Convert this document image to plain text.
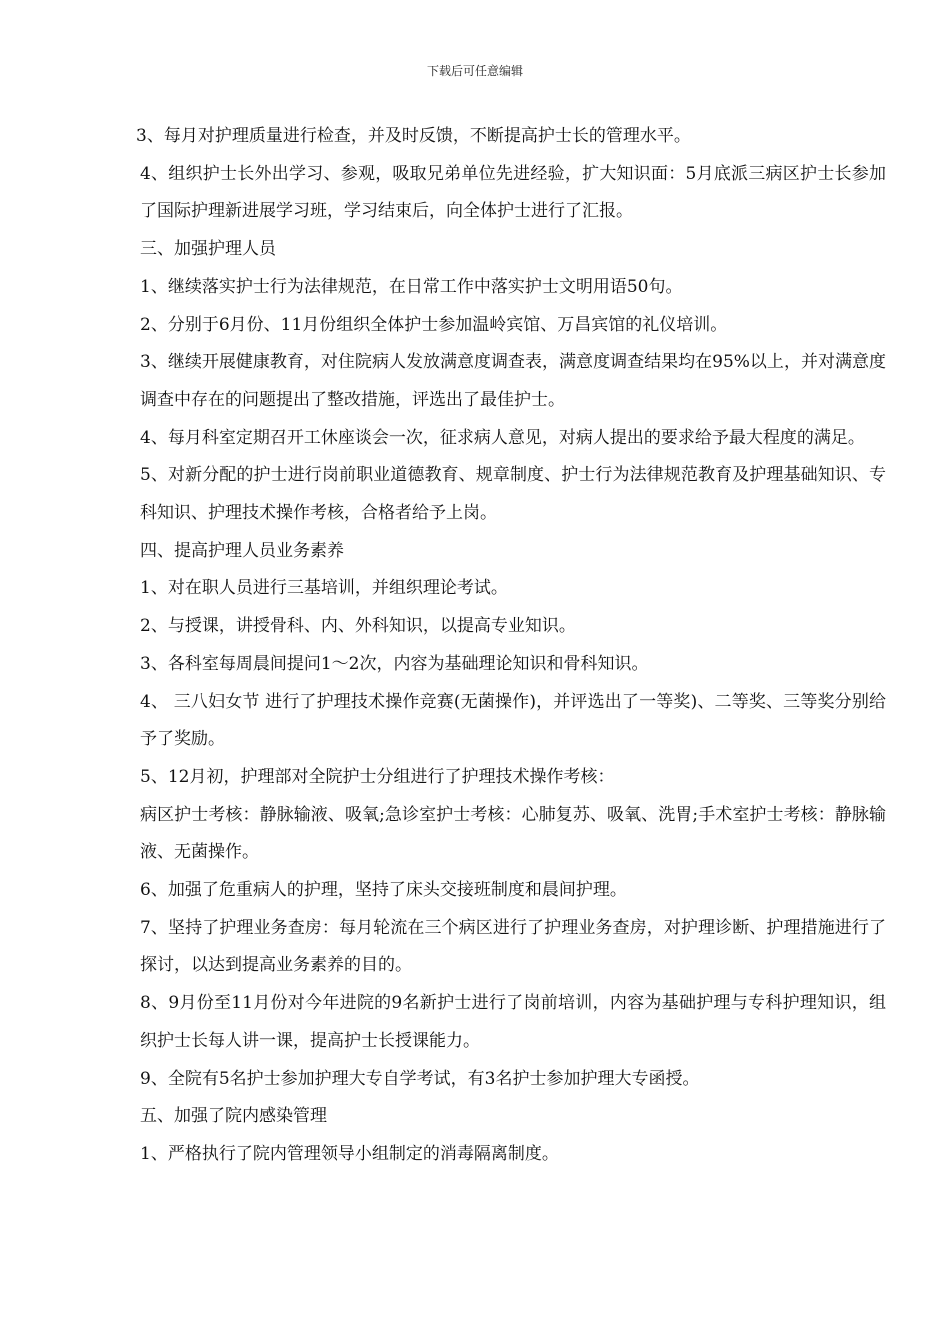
下载后可任意编辑

3、每月对护理质量进行检查，并及时反馈，不断提高护士长的管理水平。

4、组织护士长外出学习、参观，吸取兄弟单位先进经验，扩大知识面：5月底派三病区护士长参加了国际护理新进展学习班，学习结束后，向全体护士进行了汇报。

三、加强护理人员

1、继续落实护士行为法律规范，在日常工作中落实护士文明用语50句。

2、分别于6月份、11月份组织全体护士参加温岭宾馆、万昌宾馆的礼仪培训。

3、继续开展健康教育，对住院病人发放满意度调查表，满意度调查结果均在95%以上，并对满意度调查中存在的问题提出了整改措施，评选出了最佳护士。

4、每月科室定期召开工休座谈会一次，征求病人意见，对病人提出的要求给予最大程度的满足。

5、对新分配的护士进行岗前职业道德教育、规章制度、护士行为法律规范教育及护理基础知识、专科知识、护理技术操作考核，合格者给予上岗。

四、提高护理人员业务素养

1、对在职人员进行三基培训，并组织理论考试。

2、与授课，讲授骨科、内、外科知识，以提高专业知识。

3、各科室每周晨间提问1～2次，内容为基础理论知识和骨科知识。

4、 三八妇女节 进行了护理技术操作竞赛(无菌操作)，并评选出了一等奖)、二等奖、三等奖分别给予了奖励。

5、12月初，护理部对全院护士分组进行了护理技术操作考核：

病区护士考核：静脉输液、吸氧;急诊室护士考核：心肺复苏、吸氧、洗胃;手术室护士考核：静脉输液、无菌操作。

6、加强了危重病人的护理，坚持了床头交接班制度和晨间护理。

7、坚持了护理业务查房：每月轮流在三个病区进行了护理业务查房，对护理诊断、护理措施进行了探讨，以达到提高业务素养的目的。

8、9月份至11月份对今年进院的9名新护士进行了岗前培训，内容为基础护理与专科护理知识，组织护士长每人讲一课，提高护士长授课能力。

9、全院有5名护士参加护理大专自学考试，有3名护士参加护理大专函授。

五、加强了院内感染管理

1、严格执行了院内管理领导小组制定的消毒隔离制度。
